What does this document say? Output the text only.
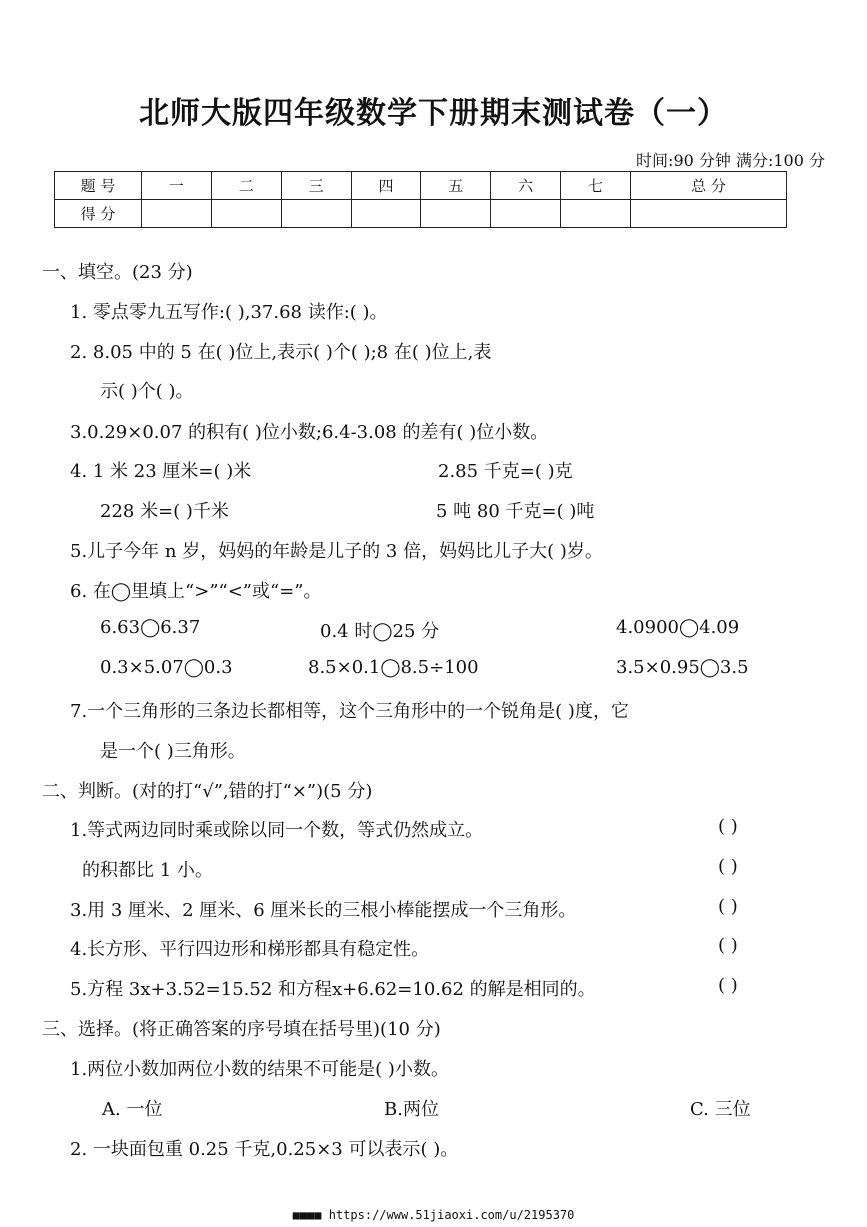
北师大版四年级数学下册期末测试卷（一）
时间:90 分钟 满分:100 分
题 号	一	二	三	四	五	六	七	总 分
得 分								
一、填空。(23 分)
1. 零点零九五写作:( ),37.68 读作:( )。
2. 8.05 中的 5 在( )位上,表示( )个( );8 在( )位上,表
示( )个( )。
3.0.29×0.07 的积有( )位小数;6.4-3.08 的差有( )位小数。
4. 1 米 23 厘米=( )米	2.85 千克=( )克
228 米=( )千米	5 吨 80 千克=( )吨
5.儿子今年 n 岁，妈妈的年龄是儿子的 3 倍，妈妈比儿子大( )岁。
6. 在◯里填上“>”“<”或“=”。
6.63◯6.37	0.4 时◯25 分	4.0900◯4.09
0.3×5.07◯0.3	8.5×0.1◯8.5÷100	3.5×0.95◯3.5
7.一个三角形的三条边长都相等，这个三角形中的一个锐角是( )度，它
是一个( )三角形。
二、判断。(对的打“√”,错的打“×”)(5 分)
1.等式两边同时乘或除以同一个数，等式仍然成立。	( )
的积都比 1 小。	( )
3.用 3 厘米、2 厘米、6 厘米长的三根小棒能摆成一个三角形。	( )
4.长方形、平行四边形和梯形都具有稳定性。	( )
5.方程 3x+3.52=15.52 和方程x+6.62=10.62 的解是相同的。	( )
三、选择。(将正确答案的序号填在括号里)(10 分)
1.两位小数加两位小数的结果不可能是( )小数。
A. 一位	B.两位	C. 三位
2. 一块面包重 0.25 千克,0.25×3 可以表示( )。
■■■■ https://www.51jiaoxi.com/u/2195370
